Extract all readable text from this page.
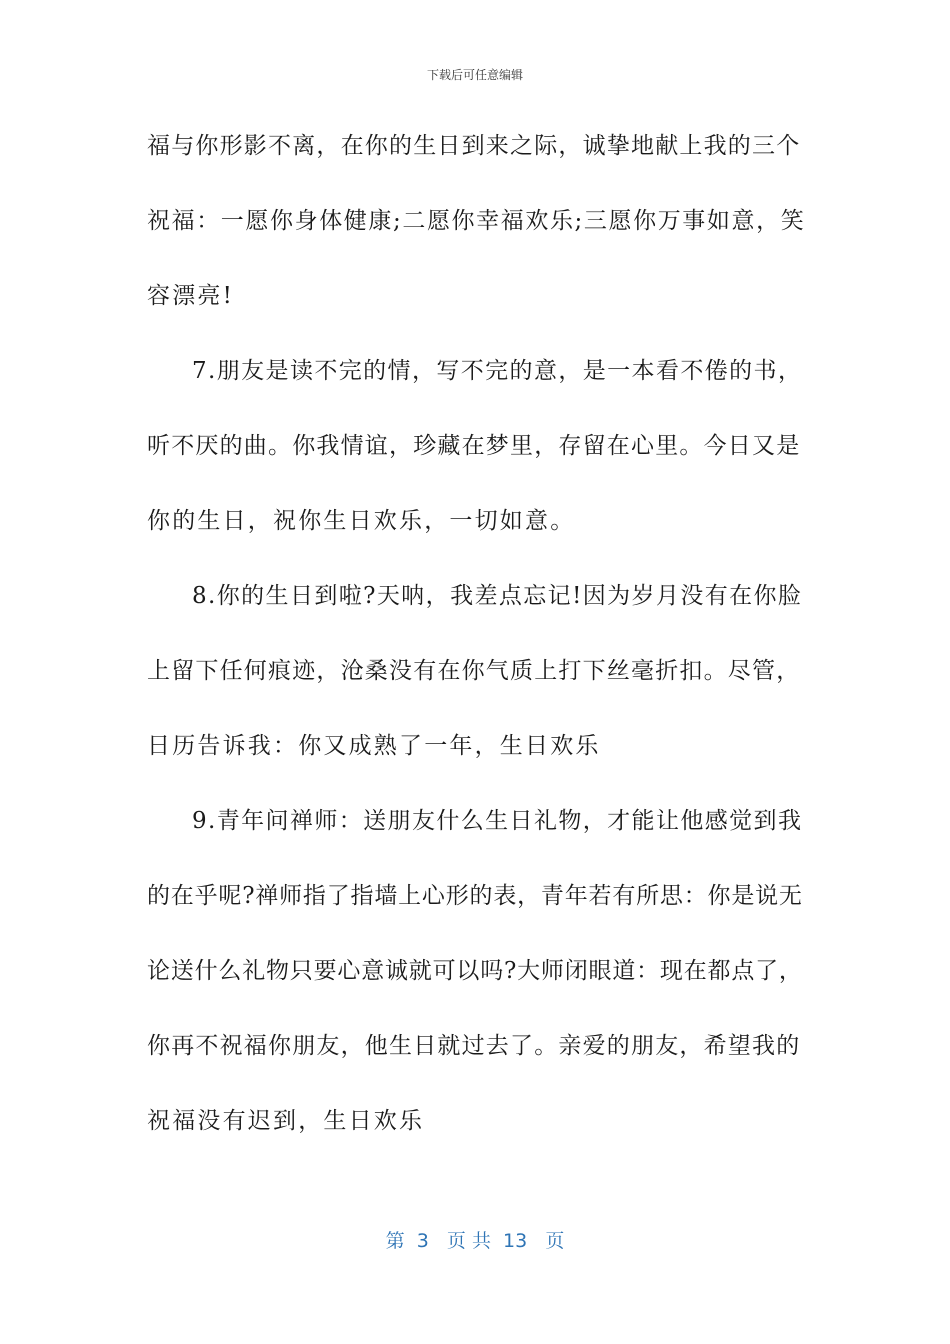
下载后可任意编辑
福与你形影不离，在你的生日到来之际，诚挚地献上我的三个
祝福：一愿你身体健康;二愿你幸福欢乐;三愿你万事如意，笑
容漂亮!
7.朋友是读不完的情，写不完的意，是一本看不倦的书，
听不厌的曲。你我情谊，珍藏在梦里，存留在心里。今日又是
你的生日，祝你生日欢乐，一切如意。
8.你的生日到啦?天呐，我差点忘记!因为岁月没有在你脸
上留下任何痕迹，沧桑没有在你气质上打下丝毫折扣。尽管，
日历告诉我：你又成熟了一年，生日欢乐
9.青年问禅师：送朋友什么生日礼物，才能让他感觉到我
的在乎呢?禅师指了指墙上心形的表，青年若有所思：你是说无
论送什么礼物只要心意诚就可以吗?大师闭眼道：现在都点了，
你再不祝福你朋友，他生日就过去了。亲爱的朋友，希望我的
祝福没有迟到，生日欢乐
第  3   页 共  13   页
